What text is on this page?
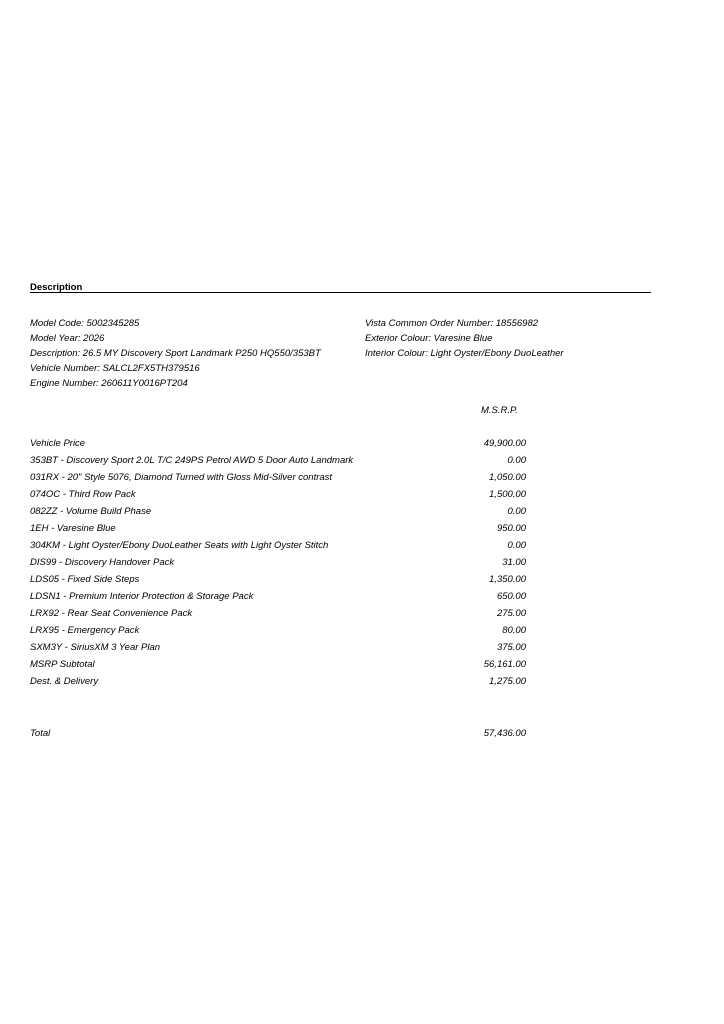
Description
Model Code: 5002345285
Model Year: 2026
Description: 26.5 MY Discovery Sport Landmark P250 HQ550/353BT
Vehicle Number: SALCL2FX5TH379516
Engine Number: 260611Y0016PT204
Vista Common Order Number: 18556982
Exterior Colour: Varesine Blue
Interior Colour: Light Oyster/Ebony DuoLeather
M.S.R.P.
Vehicle Price	49,900.00
353BT - Discovery Sport 2.0L T/C 249PS Petrol AWD 5 Door Auto Landmark	0.00
031RX - 20" Style 5076, Diamond Turned with Gloss Mid-Silver contrast	1,050.00
074OC - Third Row Pack	1,500.00
082ZZ - Volume Build Phase	0.00
1EH - Varesine Blue	950.00
304KM - Light Oyster/Ebony DuoLeather Seats with Light Oyster Stitch	0.00
DIS99 - Discovery Handover Pack	31.00
LDS05 - Fixed Side Steps	1,350.00
LDSN1 - Premium Interior Protection & Storage Pack	650.00
LRX92 - Rear Seat Convenience Pack	275.00
LRX95 - Emergency Pack	80.00
SXM3Y - SiriusXM 3 Year Plan	375.00
MSRP Subtotal	56,161.00
Dest. & Delivery	1,275.00
Total	57,436.00
